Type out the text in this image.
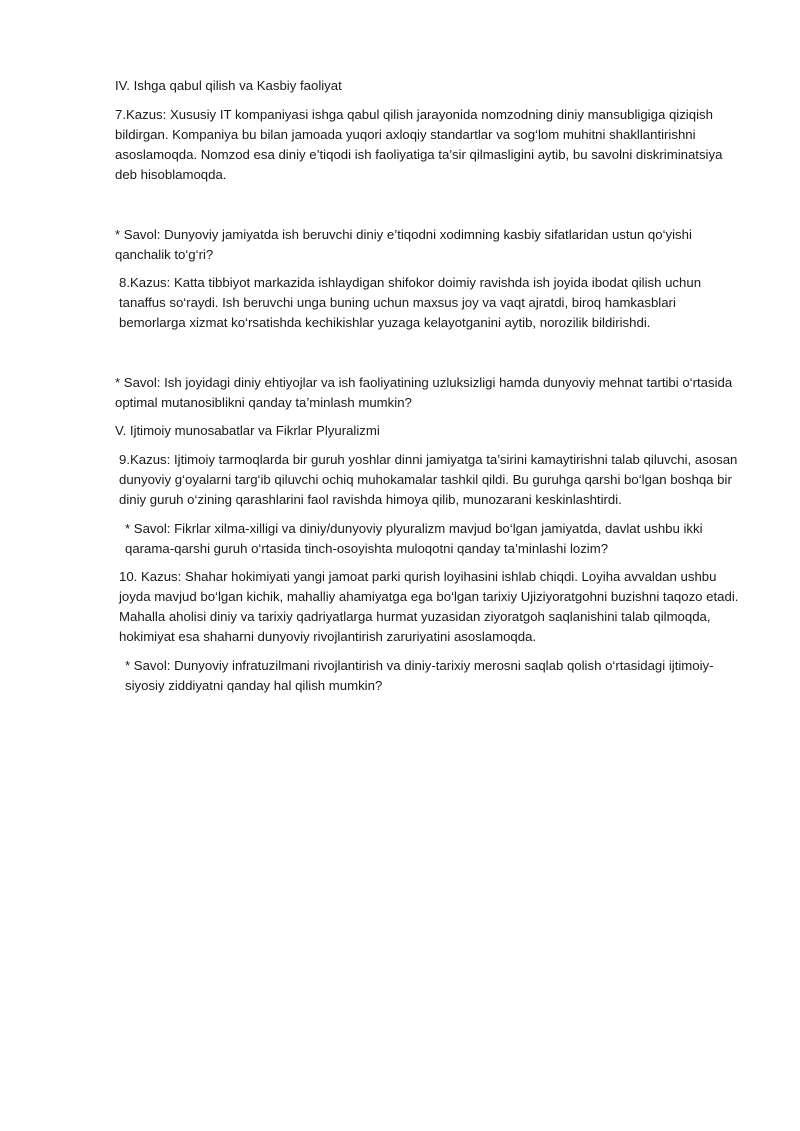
IV. Ishga qabul qilish va Kasbiy faoliyat

7.Kazus: Xususiy IT kompaniyasi ishga qabul qilish jarayonida nomzodning diniy mansubligiga qiziqish bildirgan. Kompaniya bu bilan jamoada yuqori axloqiy standartlar va sog‘lom muhitni shakllantirishni asoslamoqda. Nomzod esa diniy e’tiqodi ish faoliyatiga ta’sir qilmasligini aytib, bu savolni diskriminatsiya deb hisoblamoqda.

* Savol: Dunyoviy jamiyatda ish beruvchi diniy e’tiqodni xodimning kasbiy sifatlaridan ustun qo‘yishi qanchalik to‘g‘ri?

8.Kazus: Katta tibbiyot markazida ishlaydigan shifokor doimiy ravishda ish joyida ibodat qilish uchun tanaffus so‘raydi. Ish beruvchi unga buning uchun maxsus joy va vaqt ajratdi, biroq hamkasblari bemorlarga xizmat ko‘rsatishda kechikishlar yuzaga kelayotganini aytib, norozilik bildirishdi.

* Savol: Ish joyidagi diniy ehtiyojlar va ish faoliyatining uzluksizligi hamda dunyoviy mehnat tartibi o‘rtasida optimal mutanosiblikni qanday ta’minlash mumkin?

V. Ijtimoiy munosabatlar va Fikrlar Plyuralizmi

9.Kazus: Ijtimoiy tarmoqlarda bir guruh yoshlar dinni jamiyatga ta’sirini kamaytirishni talab qiluvchi, asosan dunyoviy g‘oyalarni targ‘ib qiluvchi ochiq muhokamalar tashkil qildi. Bu guruhga qarshi bo‘lgan boshqa bir diniy guruh o‘zining qarashlarini faol ravishda himoya qilib, munozarani keskinlashtirdi.

* Savol: Fikrlar xilma-xilligi va diniy/dunyoviy plyuralizm mavjud bo‘lgan jamiyatda, davlat ushbu ikki qarama-qarshi guruh o‘rtasida tinch-osoyishta muloqotni qanday ta’minlashi lozim?

10. Kazus: Shahar hokimiyati yangi jamoat parki qurish loyihasini ishlab chiqdi. Loyiha avvaldan ushbu joyda mavjud bo‘lgan kichik, mahalliy ahamiyatga ega bo‘lgan tarixiy Ujiziyoratgohni buzishni taqozo etadi. Mahalla aholisi diniy va tarixiy qadriyatlarga hurmat yuzasidan ziyoratgoh saqlanishini talab qilmoqda, hokimiyat esa shaharni dunyoviy rivojlantirish zaruriyatini asoslamoqda.

* Savol: Dunyoviy infratuzilmani rivojlantirish va diniy-tarixiy merosni saqlab qolish o‘rtasidagi ijtimoiy-siyosiy ziddiyatni qanday hal qilish mumkin?
